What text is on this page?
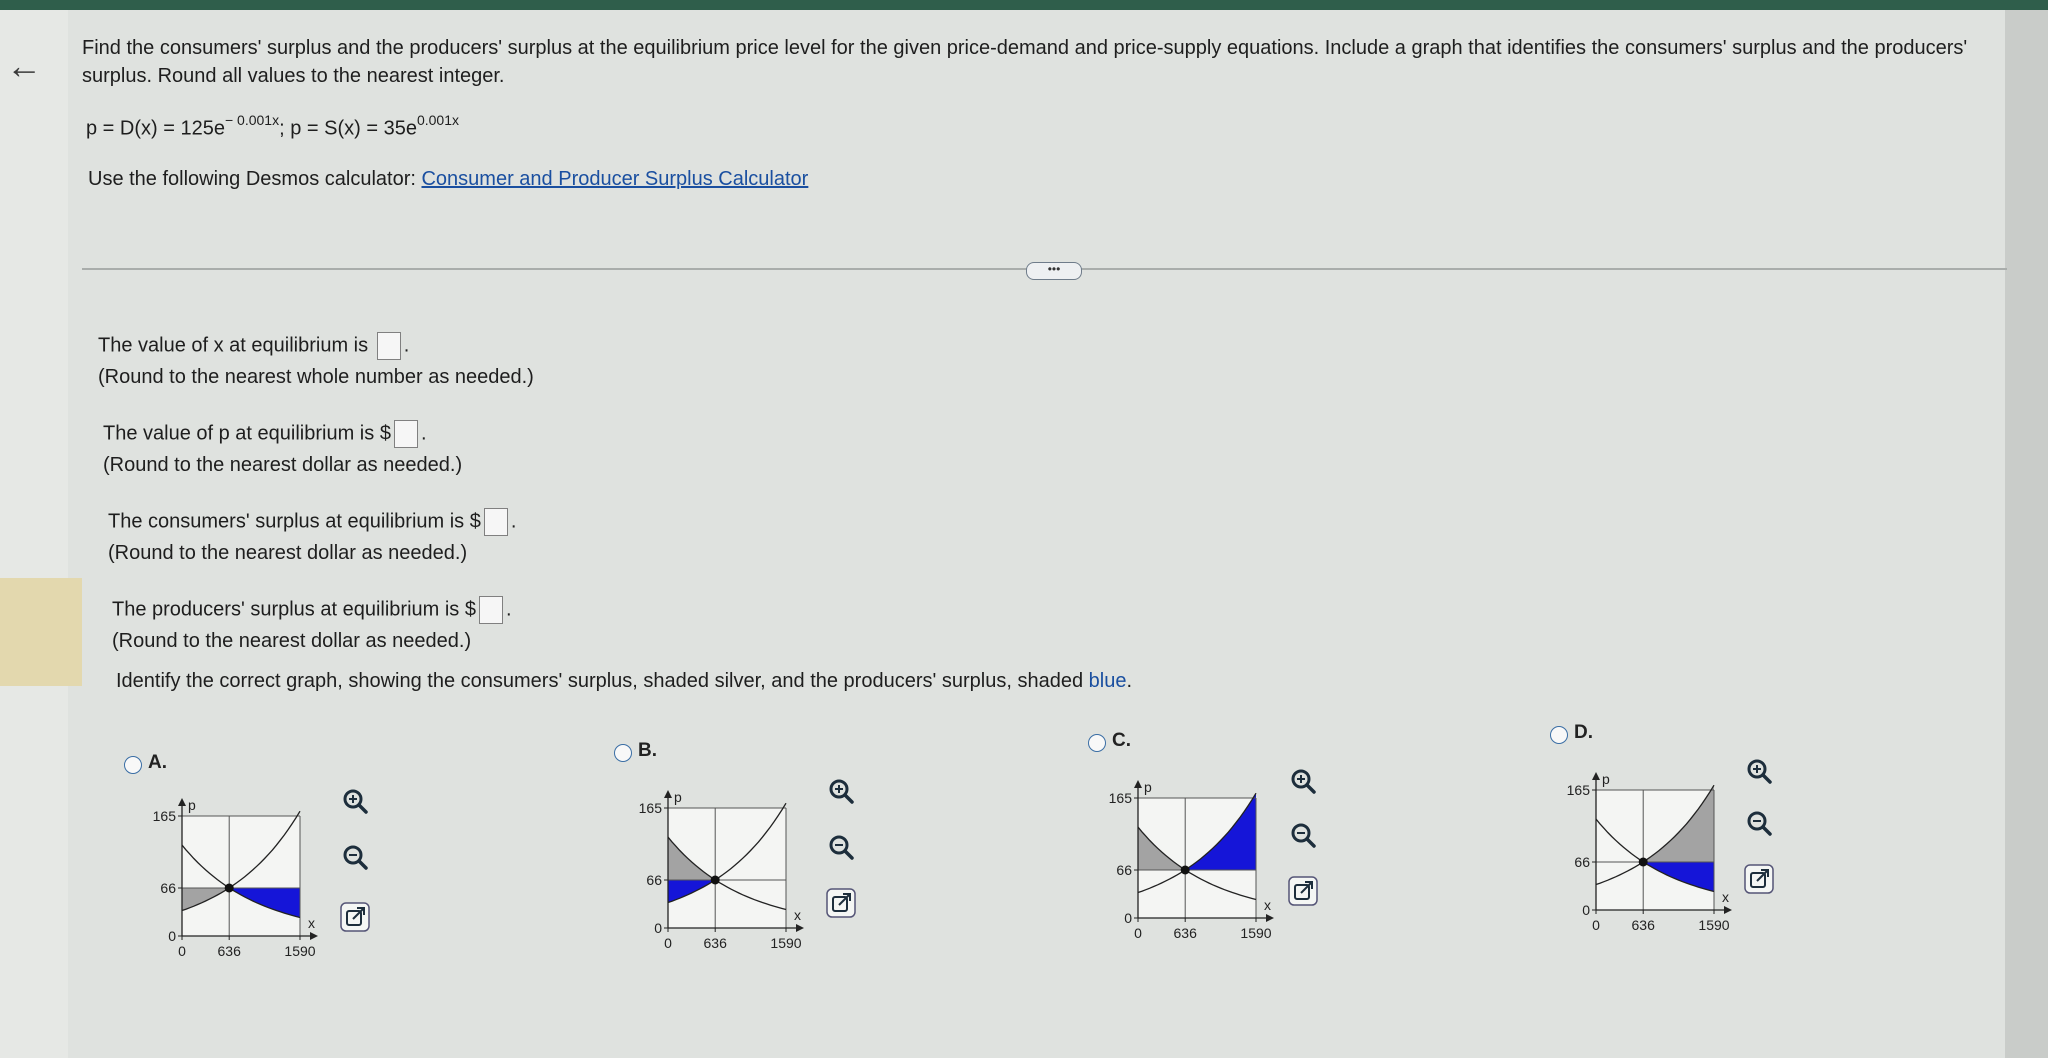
← Find the consumers' surplus and the producers' surplus at the equilibrium price level for the given price-demand and price-supply equations. Include a graph that identifies the consumers' surplus and the producers' surplus. Round all values to the nearest integer.
$p = D(x) = 125e^{- 0.001x}$; $p = S(x) = 35e^{0.001x}$
Use the following Desmos calculator: Consumer and Producer Surplus Calculator
•••
The value of x at equilibrium is .
(Round to the nearest whole number as needed.)
The value of p at equilibrium is $ .
(Round to the nearest dollar as needed.)
The consumers' surplus at equilibrium is $ .
(Round to the nearest dollar as needed.)
The producers' surplus at equilibrium is $ .
(Round to the nearest dollar as needed.)
Identify the correct graph, showing the consumers' surplus, shaded silver, and the producers' surplus, shaded blue.
A.
B.	C.	D.
0
66
165
0 636	1590
x
p
0
66
165
0 636	1590
x
p
0
66
165
0 636	1590
x
p
0
66
165
0 636	1590
x
p
